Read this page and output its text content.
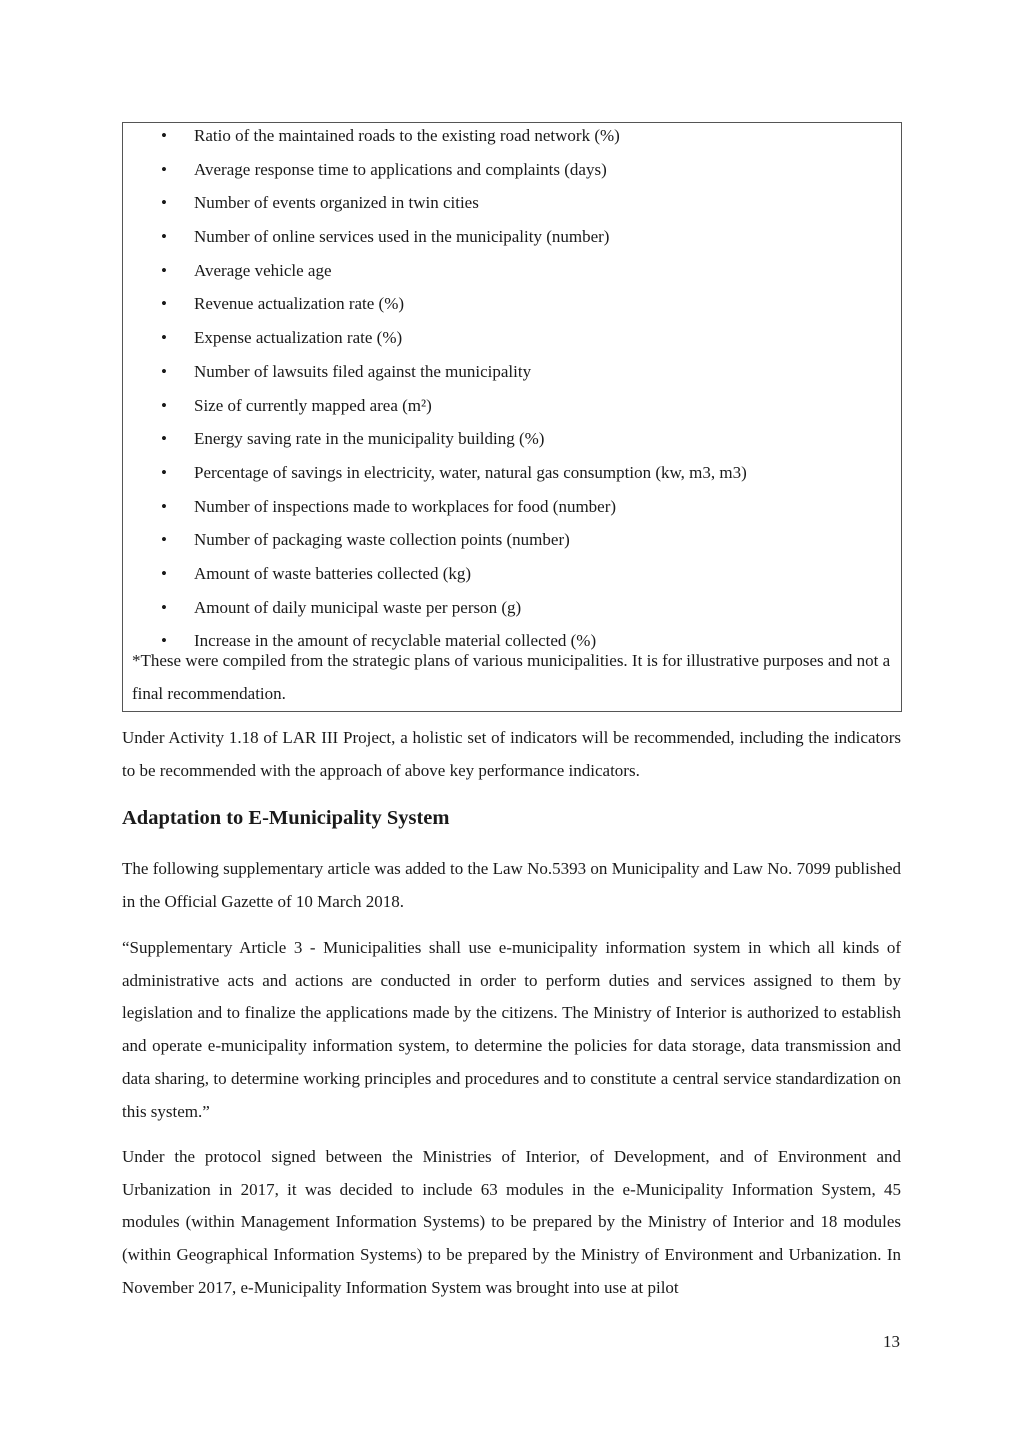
• Ratio of the maintained roads to the existing road network (%)
• Average response time to applications and complaints (days)
• Number of events organized in twin cities
• Number of online services used in the municipality (number)
• Average vehicle age
• Revenue actualization rate (%)
• Expense actualization rate (%)
• Number of lawsuits filed against the municipality
• Size of currently mapped area (m²)
• Energy saving rate in the municipality building (%)
• Percentage of savings in electricity, water, natural gas consumption (kw, m3, m3)
• Number of inspections made to workplaces for food (number)
• Number of packaging waste collection points (number)
• Amount of waste batteries collected (kg)
• Amount of daily municipal waste per person (g)
• Increase in the amount of recyclable material collected (%)
*These were compiled from the strategic plans of various municipalities. It is for illustrative purposes and not a final recommendation.

Under Activity 1.18 of LAR III Project, a holistic set of indicators will be recommended, including the indicators to be recommended with the approach of above key performance indicators.

Adaptation to E-Municipality System

The following supplementary article was added to the Law No.5393 on Municipality and Law No. 7099 published in the Official Gazette of 10 March 2018.

“Supplementary Article 3 - Municipalities shall use e-municipality information system in which all kinds of administrative acts and actions are conducted in order to perform duties and services assigned to them by legislation and to finalize the applications made by the citizens. The Ministry of Interior is authorized to establish and operate e-municipality information system, to determine the policies for data storage, data transmission and data sharing, to determine working principles and procedures and to constitute a central service standardization on this system.”

Under the protocol signed between the Ministries of Interior, of Development, and of Environment and Urbanization in 2017, it was decided to include 63 modules in the e-Municipality Information System, 45 modules (within Management Information Systems) to be prepared by the Ministry of Interior and 18 modules (within Geographical Information Systems) to be prepared by the Ministry of Environment and Urbanization. In November 2017, e-Municipality Information System was brought into use at pilot

13
